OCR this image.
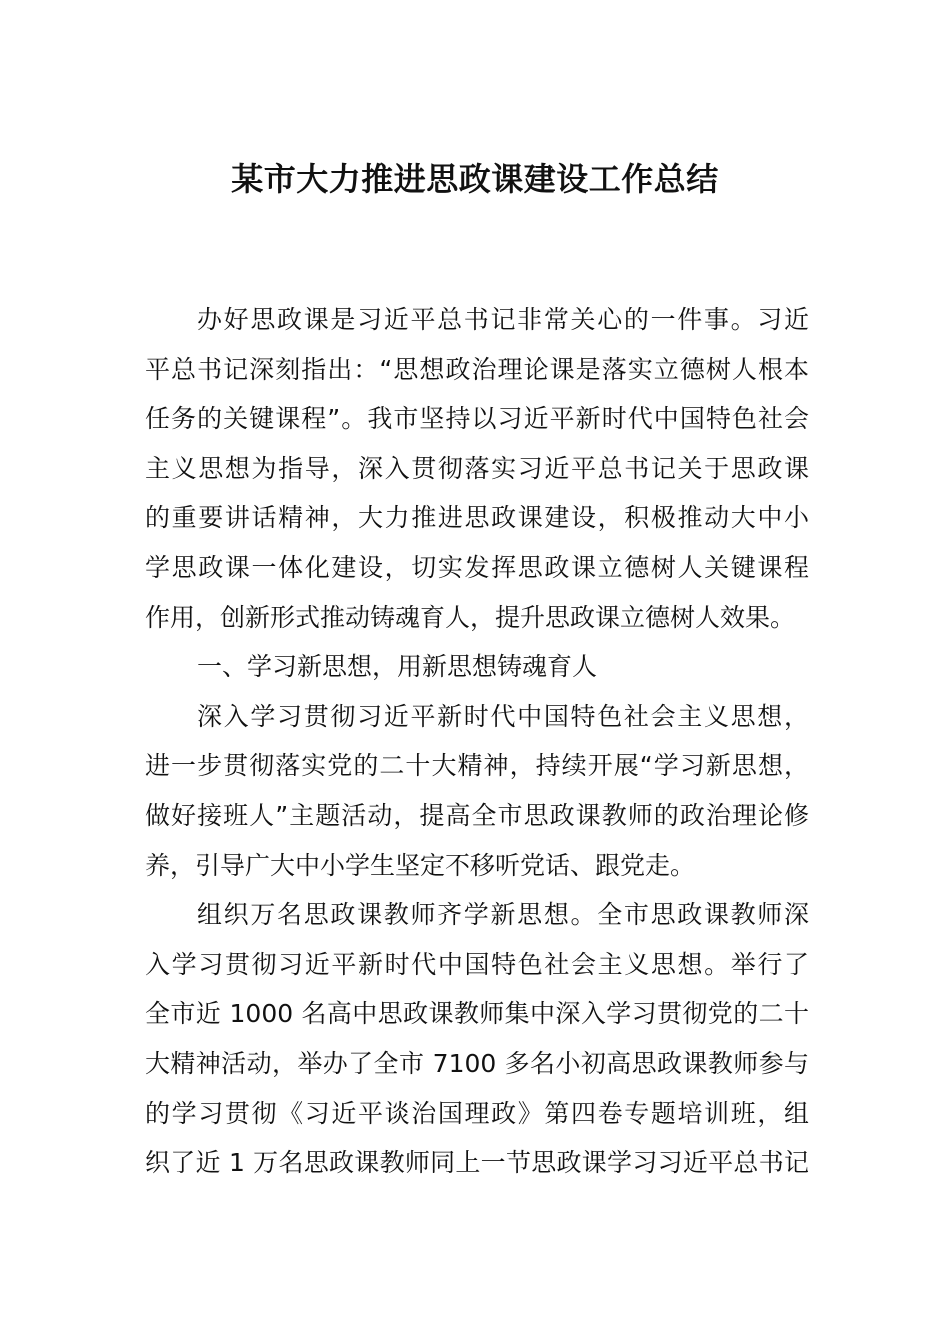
某市大力推进思政课建设工作总结
办好思政课是习近平总书记非常关心的一件事。习近
平总书记深刻指出：“思想政治理论课是落实立德树人根本
任务的关键课程”。我市坚持以习近平新时代中国特色社会
主义思想为指导，深入贯彻落实习近平总书记关于思政课
的重要讲话精神，大力推进思政课建设，积极推动大中小
学思政课一体化建设，切实发挥思政课立德树人关键课程
作用，创新形式推动铸魂育人，提升思政课立德树人效果。
一、学习新思想，用新思想铸魂育人
深入学习贯彻习近平新时代中国特色社会主义思想，
进一步贯彻落实党的二十大精神，持续开展“学习新思想，
做好接班人”主题活动，提高全市思政课教师的政治理论修
养，引导广大中小学生坚定不移听党话、跟党走。
组织万名思政课教师齐学新思想。全市思政课教师深
入学习贯彻习近平新时代中国特色社会主义思想。举行了
全市近 1000 名高中思政课教师集中深入学习贯彻党的二十
大精神活动，举办了全市 7100 多名小初高思政课教师参与
的学习贯彻《习近平谈治国理政》第四卷专题培训班，组
织了近 1 万名思政课教师同上一节思政课学习习近平总书记
